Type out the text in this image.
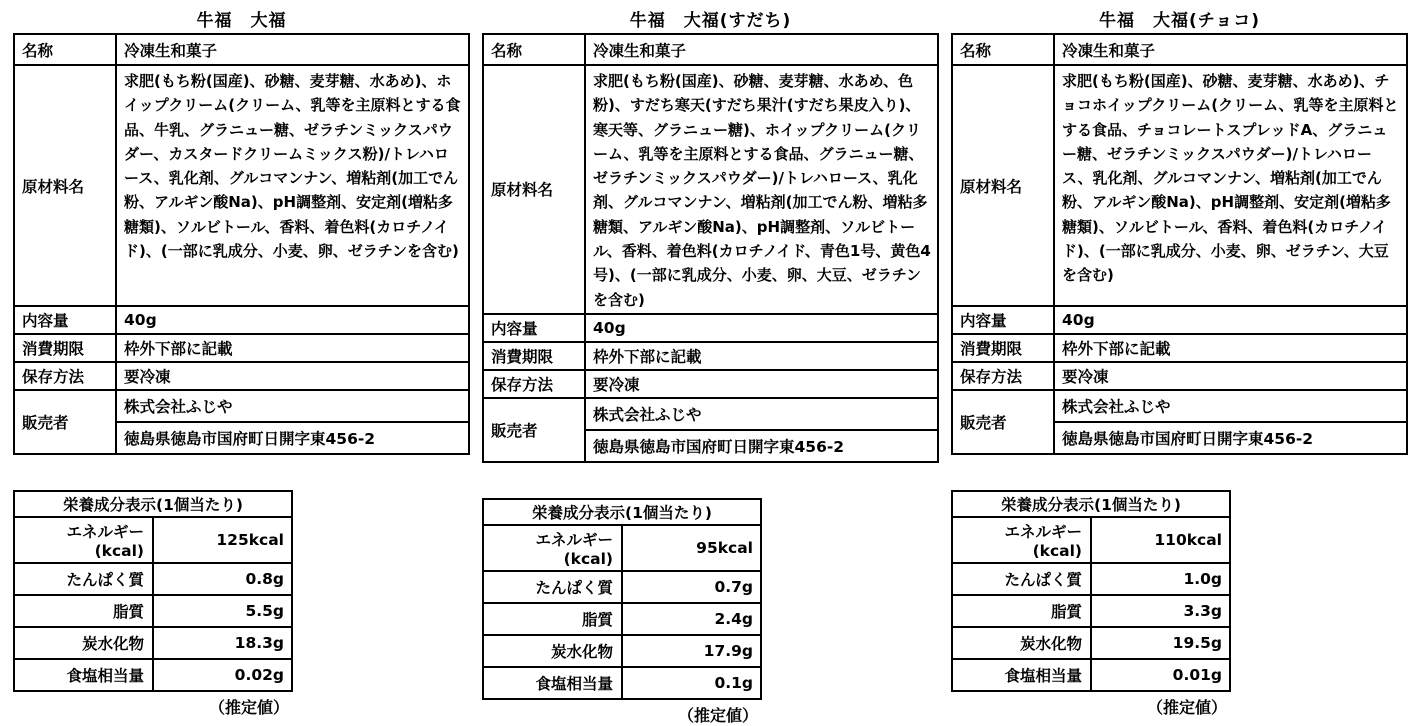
牛福　大福
名称	冷凍生和菓子
原材料名	求肥(もち粉(国産)、砂糖、麦芽糖、水あめ)、ホイップクリーム(クリーム、乳等を主原料とする食品、牛乳、グラニュー糖、ゼラチンミックスパウダー、カスタードクリームミックス粉)/トレハロース、乳化剤、グルコマンナン、増粘剤(加工でん粉、アルギン酸Na)、pH調整剤、安定剤(増粘多糖類)、ソルビトール、香料、着色料(カロチノイド)、(一部に乳成分、小麦、卵、ゼラチンを含む)
内容量	40g
消費期限	枠外下部に記載
保存方法	要冷凍
販売者	株式会社ふじや
	徳島県徳島市国府町日開字東456-2
栄養成分表示(1個当たり)	
エネルギー(kcal)	125kcal
たんぱく質	0.8g
脂質	5.5g
炭水化物	18.3g
食塩相当量	0.02g
（推定値）
牛福　大福(すだち)
名称	冷凍生和菓子
原材料名	求肥(もち粉(国産)、砂糖、麦芽糖、水あめ、色粉)、すだち寒天(すだち果汁(すだち果皮入り)、寒天等、グラニュー糖)、ホイップクリーム(クリーム、乳等を主原料とする食品、グラニュー糖、ゼラチンミックスパウダー)/トレハロース、乳化剤、グルコマンナン、増粘剤(加工でん粉、増粘多糖類、アルギン酸Na)、pH調整剤、ソルビトール、香料、着色料(カロチノイド、青色1号、黄色4号)、(一部に乳成分、小麦、卵、大豆、ゼラチンを含む)
内容量	40g
消費期限	枠外下部に記載
保存方法	要冷凍
販売者	株式会社ふじや
	徳島県徳島市国府町日開字東456-2
栄養成分表示(1個当たり)	
エネルギー(kcal)	95kcal
たんぱく質	0.7g
脂質	2.4g
炭水化物	17.9g
食塩相当量	0.1g
（推定値）
牛福　大福(チョコ)
名称	冷凍生和菓子
原材料名	求肥(もち粉(国産)、砂糖、麦芽糖、水あめ)、チョコホイップクリーム(クリーム、乳等を主原料とする食品、チョコレートスプレッドA、グラニュー糖、ゼラチンミックスパウダー)/トレハロース、乳化剤、グルコマンナン、増粘剤(加工でん粉、アルギン酸Na)、pH調整剤、安定剤(増粘多糖類)、ソルビトール、香料、着色料(カロチノイド)、(一部に乳成分、小麦、卵、ゼラチン、大豆を含む)
内容量	40g
消費期限	枠外下部に記載
保存方法	要冷凍
販売者	株式会社ふじや
	徳島県徳島市国府町日開字東456-2
栄養成分表示(1個当たり)	
エネルギー(kcal)	110kcal
たんぱく質	1.0g
脂質	3.3g
炭水化物	19.5g
食塩相当量	0.01g
（推定値）
